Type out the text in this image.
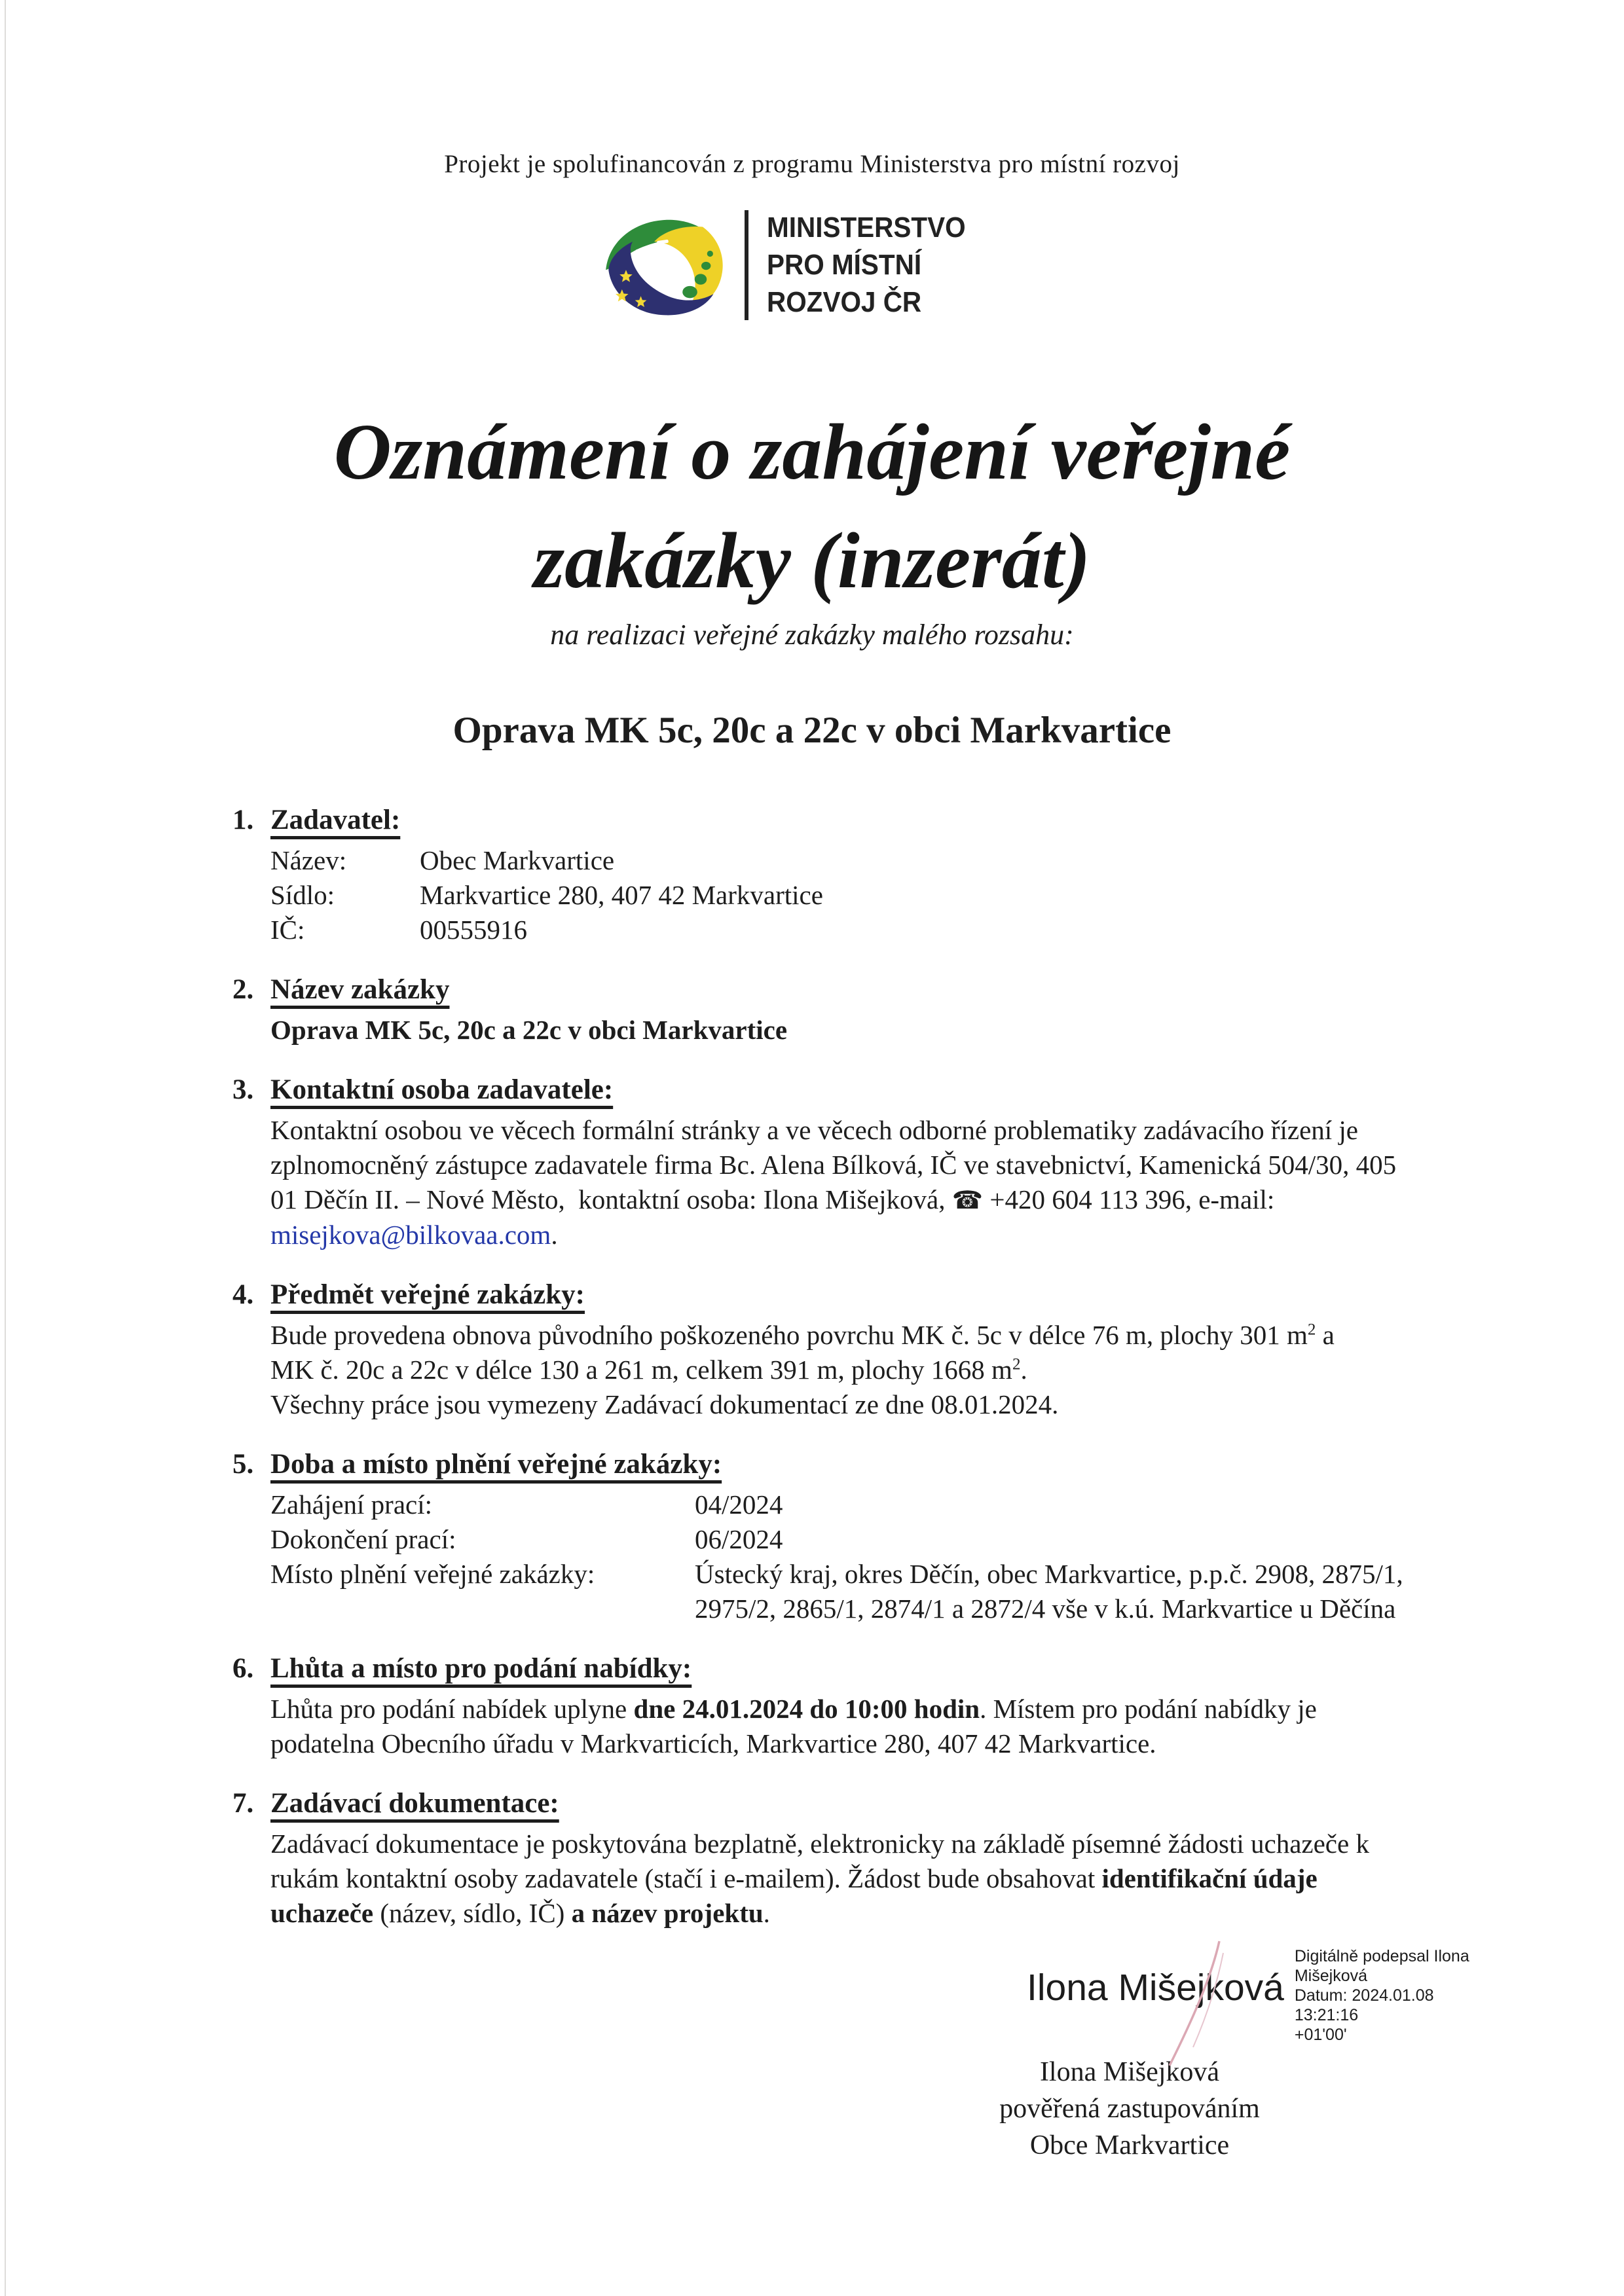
Projekt je spolufinancován z programu Ministerstva pro místní rozvoj
MINISTERSTVO
PRO MÍSTNÍ
ROZVOJ ČR
Oznámení o zahájení veřejné
zakázky (inzerát)
na realizaci veřejné zakázky malého rozsahu:
Oprava MK 5c, 20c a 22c v obci Markvartice
1. Zadavatel:
Název:	Obec Markvartice
Sídlo:	Markvartice 280, 407 42 Markvartice
IČ:	00555916
2. Název zakázky
Oprava MK 5c, 20c a 22c v obci Markvartice
3. Kontaktní osoba zadavatele:

Kontaktní osobou ve věcech formální stránky a ve věcech odborné problematiky zadávacího řízení je zplnomocněný zástupce zadavatele firma Bc. Alena Bílková, IČ ve stavebnictví, Kamenická 504/30, 405 01 Děčín II. – Nové Město,  kontaktní osoba: Ilona Mišejková, ☎ +420 604 113 396, e-mail: misejkova@bilkovaa.com.

4. Předmět veřejné zakázky:

Bude provedena obnova původního poškozeného povrchu MK č. 5c v délce 76 m, plochy 301 $m^2$ a MK č. 20c a 22c v délce 130 a 261 m, celkem 391 m, plochy 1668 $m^2$.

Všechny práce jsou vymezeny Zadávací dokumentací ze dne 08.01.2024.
5. Doba a místo plnění veřejné zakázky:
Zahájení prací:	04/2024
Dokončení prací:	06/2024
Místo plnění veřejné zakázky:	Ústecký kraj, okres Děčín, obec Markvartice, p.p.č. 2908, 2875/1, 2975/2, 2865/1, 2874/1 a 2872/4 vše v k.ú. Markvartice u Děčína
6. Lhůta a místo pro podání nabídky:

Lhůta pro podání nabídek uplyne dne 24.01.2024 do 10:00 hodin. Místem pro podání nabídky je podatelna Obecního úřadu v Markvarticích, Markvartice 280, 407 42 Markvartice.

7. Zadávací dokumentace:

Zadávací dokumentace je poskytována bezplatně, elektronicky na základě písemné žádosti uchazeče k rukám kontaktní osoby zadavatele (stačí i e-mailem). Žádost bude obsahovat identifikační údaje uchazeče (název, sídlo, IČ) a název projektu.

Ilona Mišejková
Digitálně podepsal Ilona
Mišejková
Datum: 2024.01.08 13:21:16
+01'00'
Ilona Mišejková
pověřená zastupováním
Obce Markvartice
